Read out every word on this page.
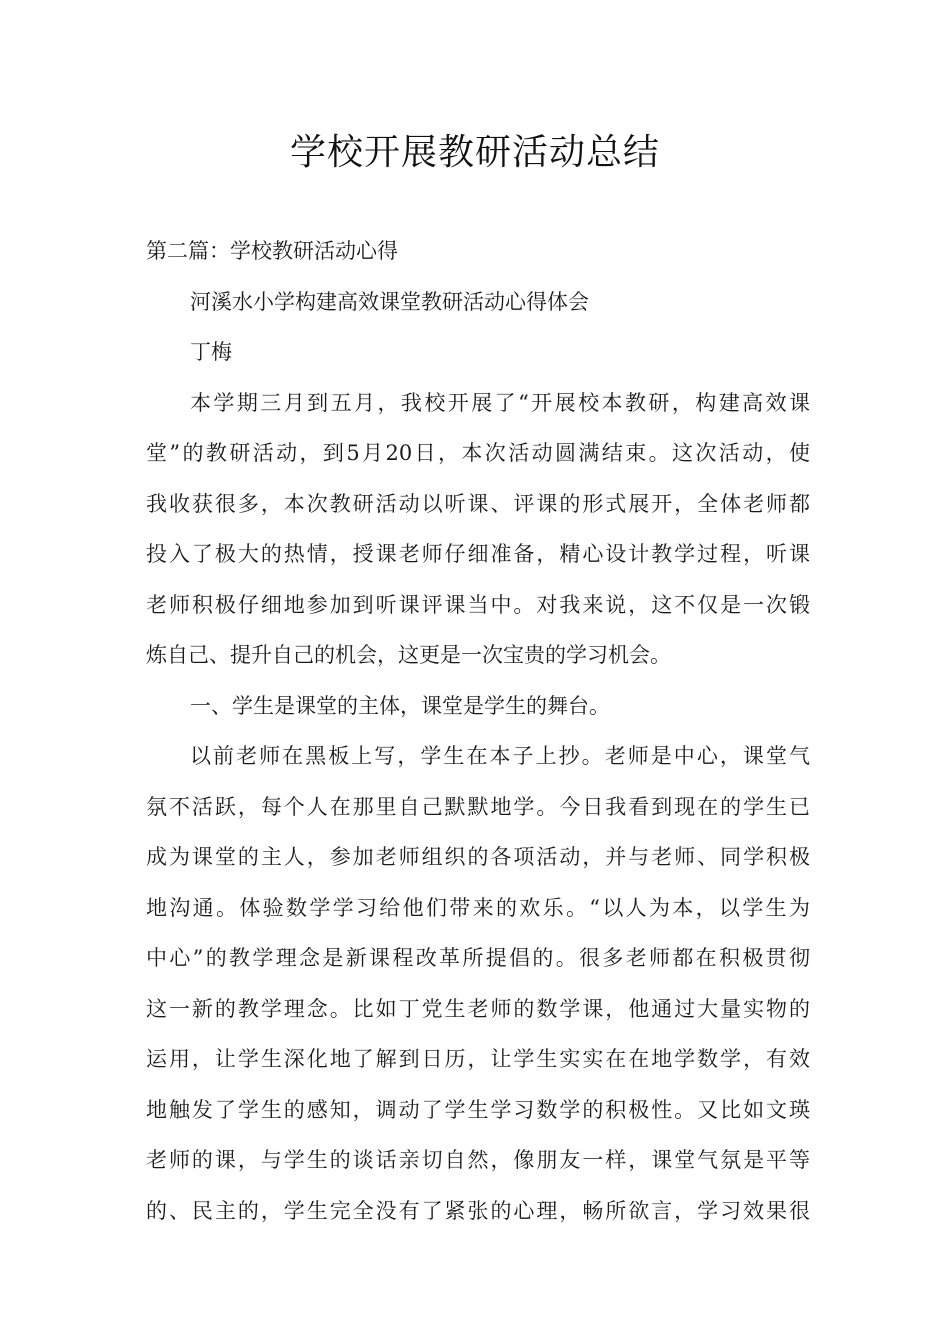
学校开展教研活动总结
第二篇：学校教研活动心得
河溪水小学构建高效课堂教研活动心得体会
丁梅
本学期三月到五月，我校开展了“开展校本教研，构建高效课
堂”的教研活动，到5月20日，本次活动圆满结束。这次活动，使
我收获很多，本次教研活动以听课、评课的形式展开，全体老师都
投入了极大的热情，授课老师仔细准备，精心设计教学过程，听课
老师积极仔细地参加到听课评课当中。对我来说，这不仅是一次锻
炼自己、提升自己的机会，这更是一次宝贵的学习机会。
一、学生是课堂的主体，课堂是学生的舞台。
以前老师在黑板上写，学生在本子上抄。老师是中心，课堂气
氛不活跃，每个人在那里自己默默地学。今日我看到现在的学生已
成为课堂的主人，参加老师组织的各项活动，并与老师、同学积极
地沟通。体验数学学习给他们带来的欢乐。“以人为本，以学生为
中心”的教学理念是新课程改革所提倡的。很多老师都在积极贯彻
这一新的教学理念。比如丁党生老师的数学课，他通过大量实物的
运用，让学生深化地了解到日历，让学生实实在在地学数学，有效
地触发了学生的感知，调动了学生学习数学的积极性。又比如文瑛
老师的课，与学生的谈话亲切自然，像朋友一样，课堂气氛是平等
的、民主的，学生完全没有了紧张的心理，畅所欲言，学习效果很
